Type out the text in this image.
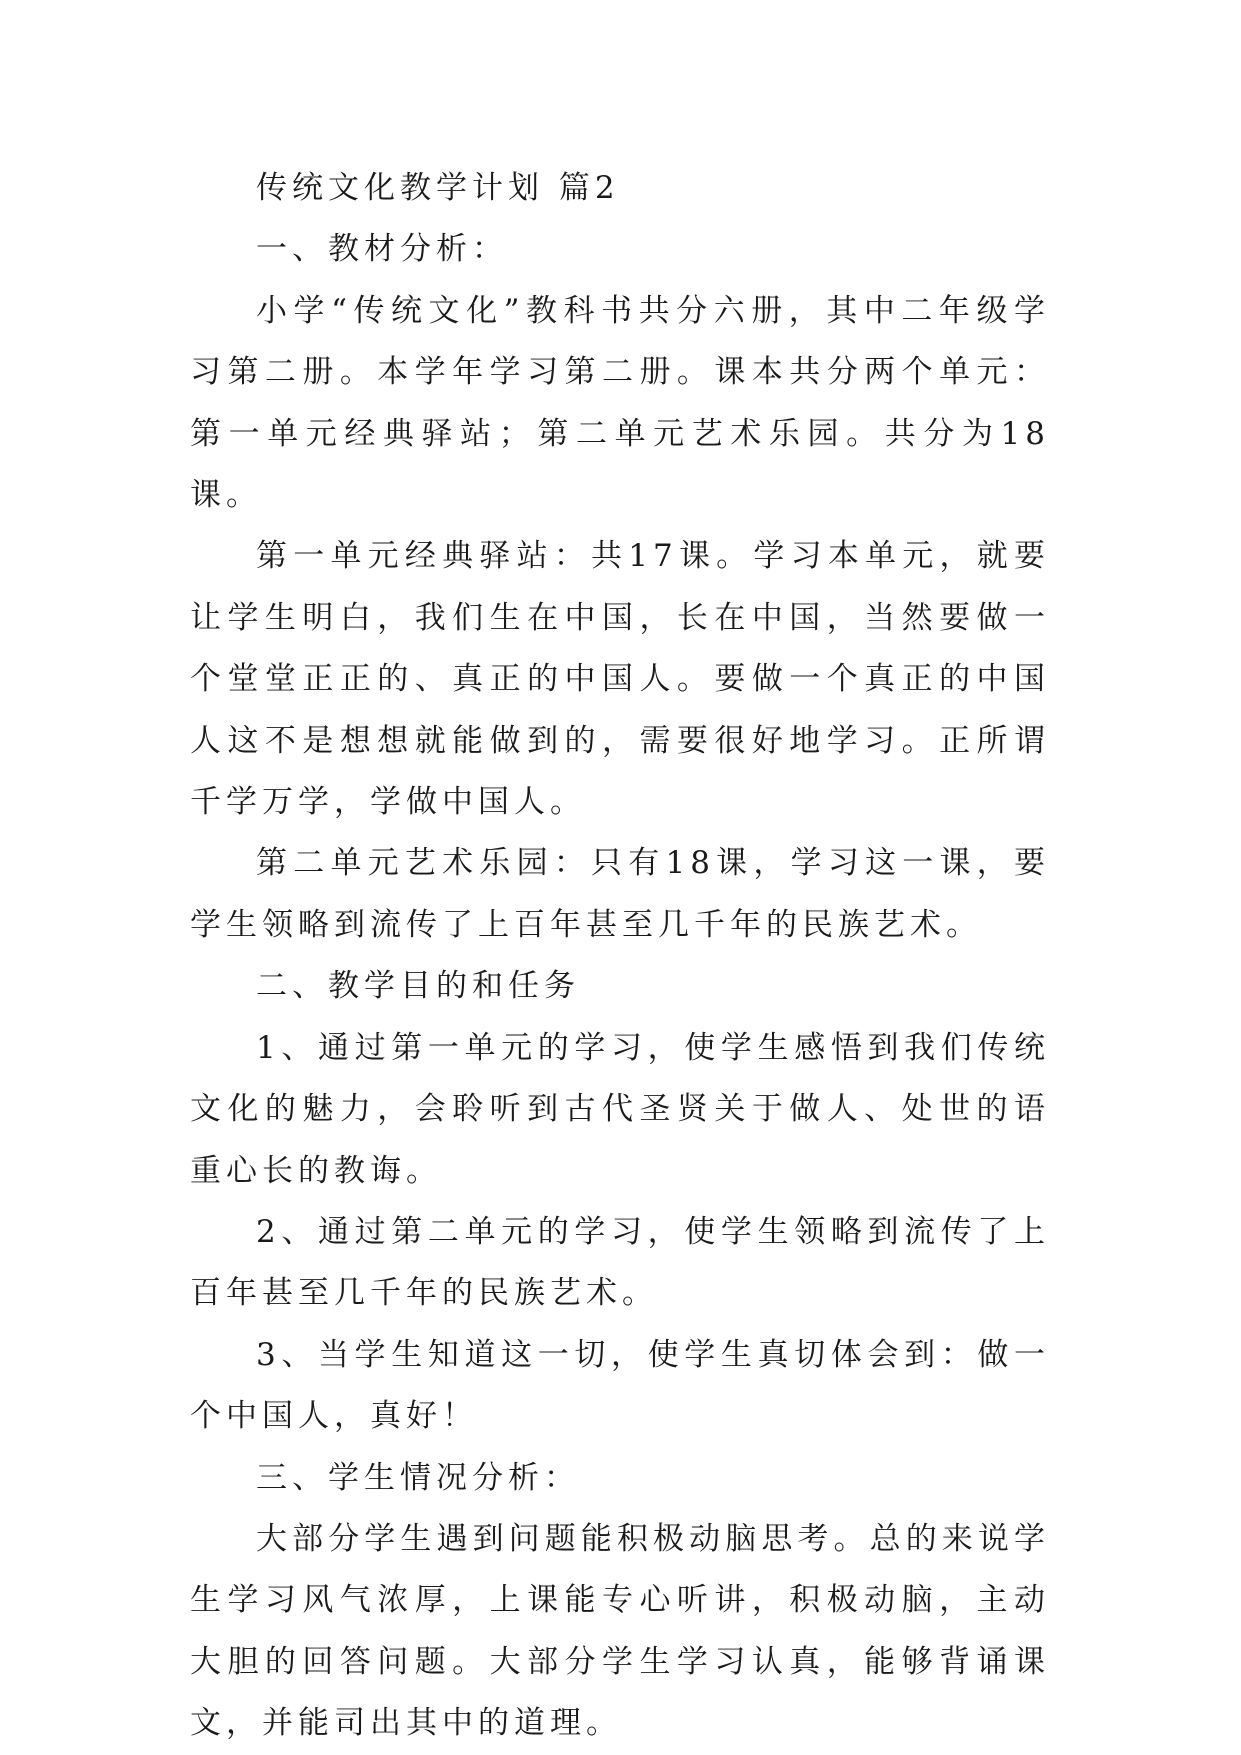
传统文化教学计划 篇2

一、教材分析：

小学“传统文化”教科书共分六册，其中二年级学习第二册。本学年学习第二册。课本共分两个单元：第一单元经典驿站；第二单元艺术乐园。共分为18课。

第一单元经典驿站：共17课。学习本单元，就要让学生明白，我们生在中国，长在中国，当然要做一个堂堂正正的、真正的中国人。要做一个真正的中国人这不是想想就能做到的，需要很好地学习。正所谓千学万学，学做中国人。

第二单元艺术乐园：只有18课，学习这一课，要学生领略到流传了上百年甚至几千年的民族艺术。

二、教学目的和任务

1、通过第一单元的学习，使学生感悟到我们传统文化的魅力，会聆听到古代圣贤关于做人、处世的语重心长的教诲。

2、通过第二单元的学习，使学生领略到流传了上百年甚至几千年的民族艺术。

3、当学生知道这一切，使学生真切体会到：做一个中国人，真好！

三、学生情况分析：

大部分学生遇到问题能积极动脑思考。总的来说学生学习风气浓厚，上课能专心听讲，积极动脑，主动大胆的回答问题。大部分学生学习认真，能够背诵课文，并能司出其中的道理。
